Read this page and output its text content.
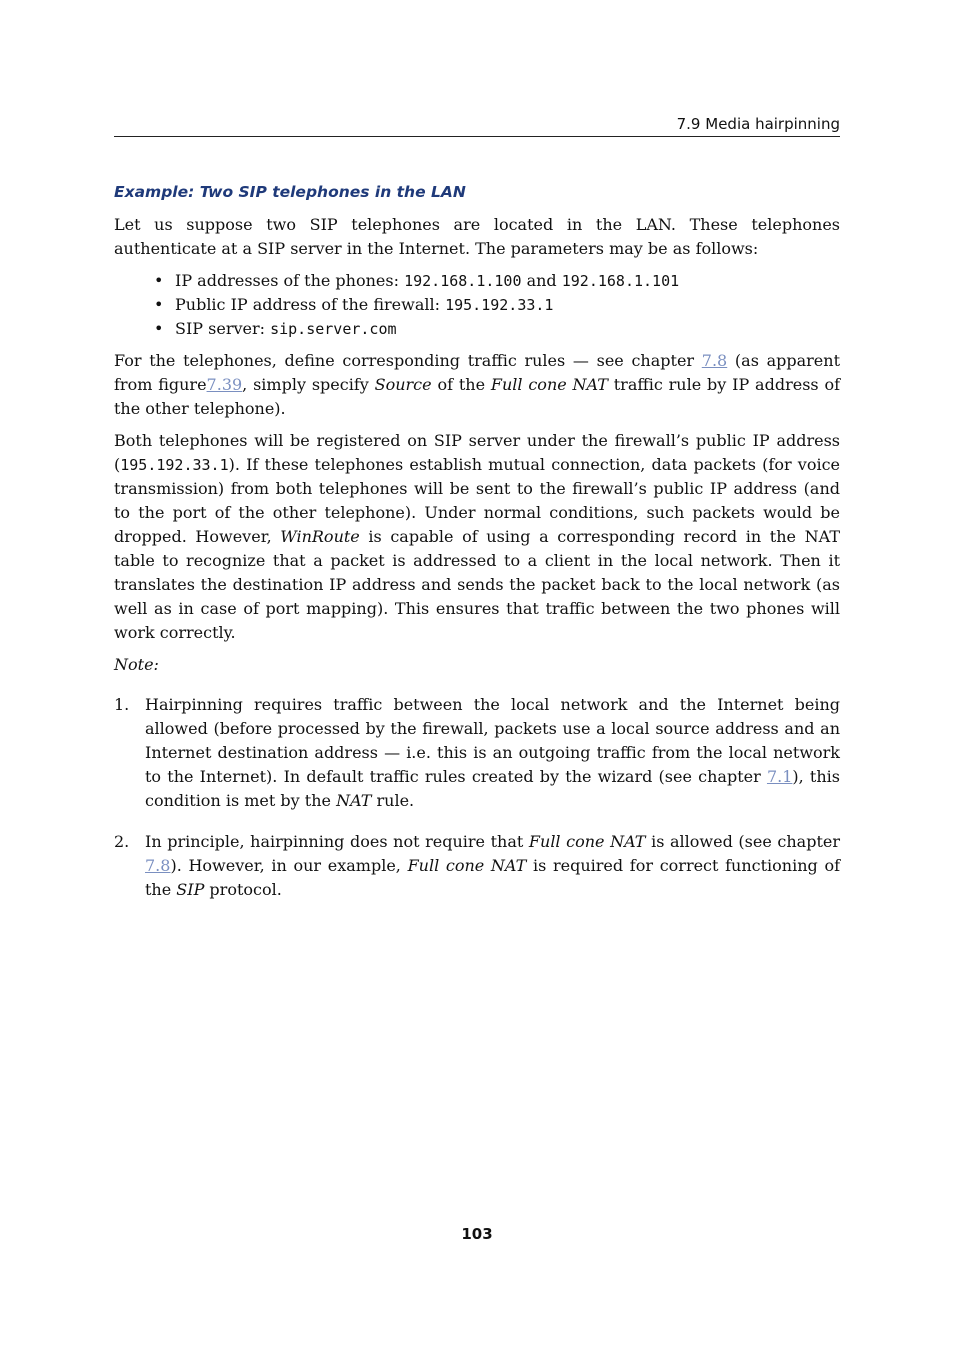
7.9 Media hairpinning
Example: Two SIP telephones in the LAN

Let us suppose two SIP telephones are located in the LAN. These telephones authenticate at a SIP server in the Internet. The parameters may be as follows:

• IP addresses of the phones: 192.168.1.100 and 192.168.1.101
• Public IP address of the firewall: 195.192.33.1
• SIP server: sip.server.com

For the telephones, define corresponding traffic rules — see chapter 7.8 (as apparent from figure7.39, simply specify Source of the Full cone NAT traffic rule by IP address of the other telephone).

Both telephones will be registered on SIP server under the firewall’s public IP address (195.192.33.1). If these telephones establish mutual connection, data packets (for voice transmission) from both telephones will be sent to the firewall’s public IP address (and to the port of the other telephone). Under normal conditions, such packets would be dropped. However, WinRoute is capable of using a corresponding record in the NAT table to recognize that a packet is addressed to a client in the local network. Then it translates the destination IP address and sends the packet back to the local network (as well as in case of port mapping). This ensures that traffic between the two phones will work correctly.

Note:

1. Hairpinning requires traffic between the local network and the Internet being allowed (before processed by the firewall, packets use a local source address and an Internet destination address — i.e. this is an outgoing traffic from the local network to the Internet). In default traffic rules created by the wizard (see chapter 7.1), this condition is met by the NAT rule.
2. In principle, hairpinning does not require that Full cone NAT is allowed (see chapter 7.8). However, in our example, Full cone NAT is required for correct functioning of the SIP protocol.
103
